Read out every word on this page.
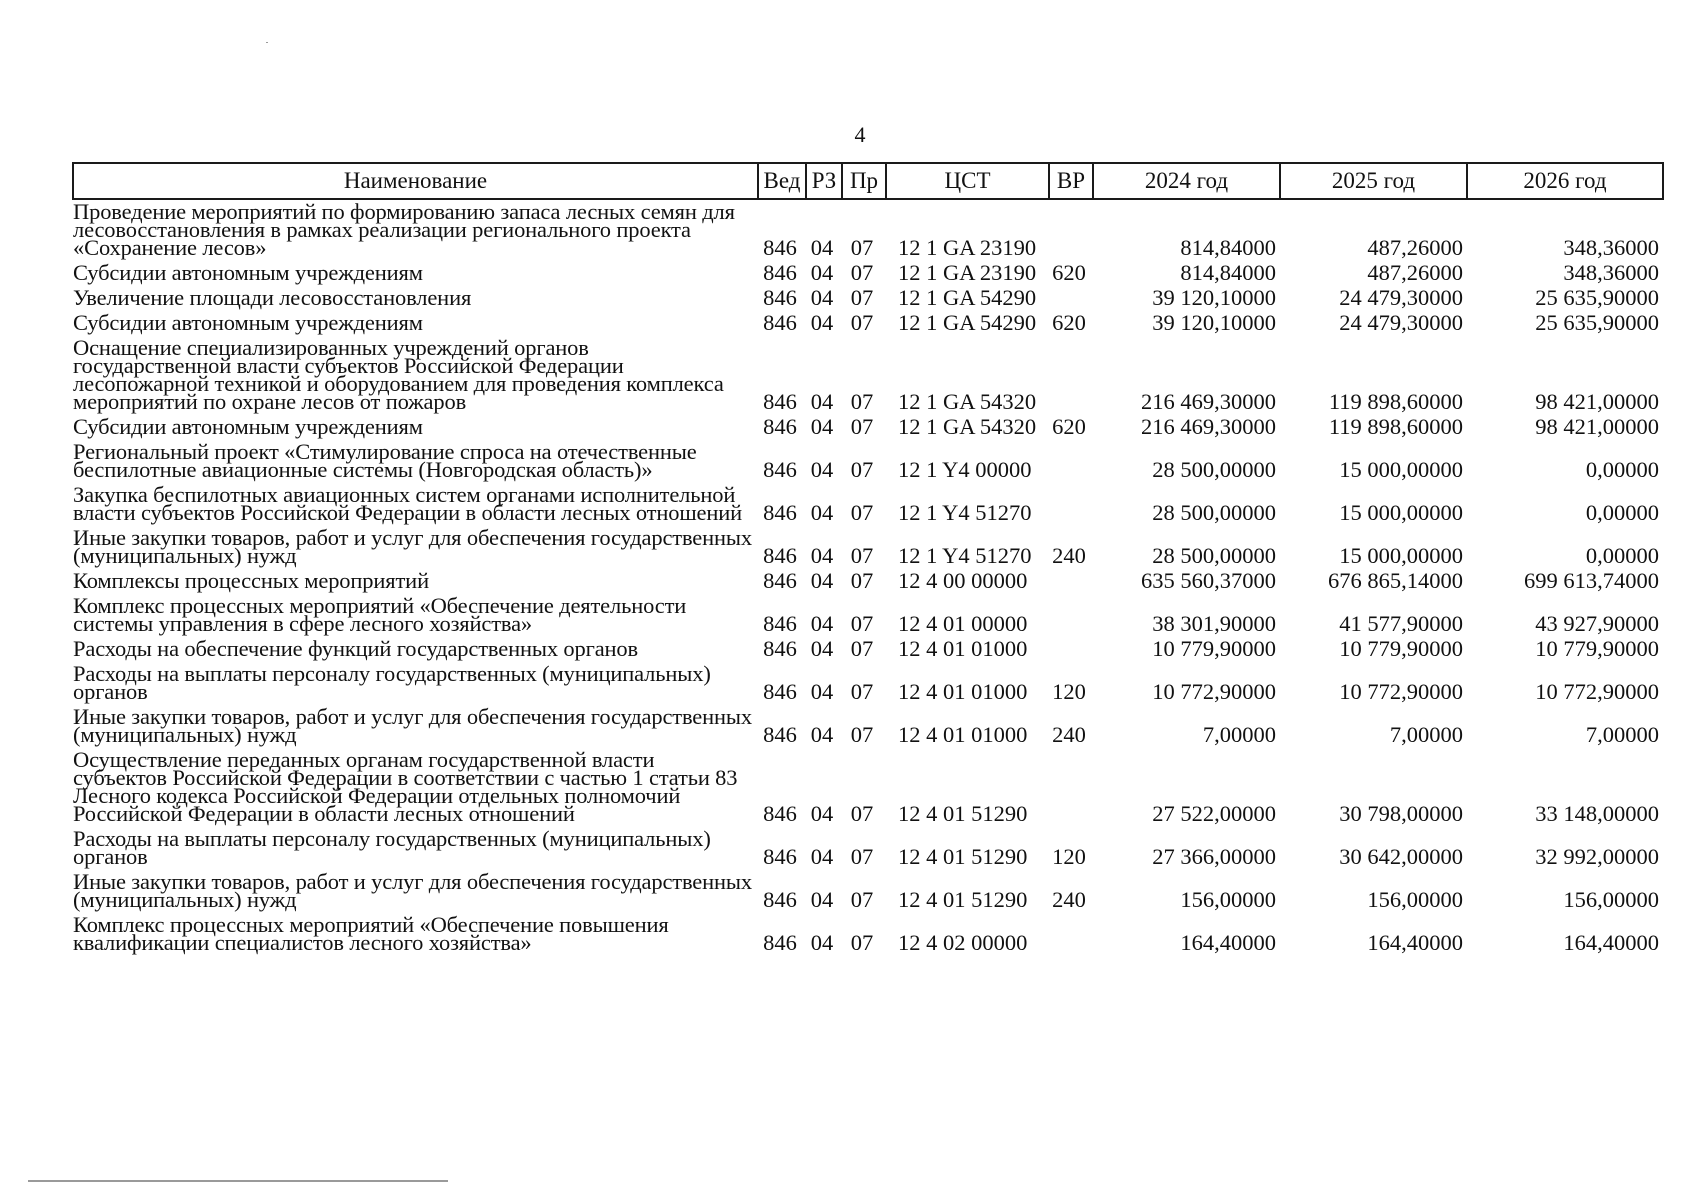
4
Наименование	Вед	РЗ	Пр	ЦСТ	ВР	2024 год	2025 год	2026 год
Проведение мероприятий по формированию запаса лесных семян для лесовосстановления в рамках реализации регионального проекта «Сохранение лесов»	846	04	07	12 1 GA 23190		814,84000	487,26000	348,36000
Субсидии автономным учреждениям	846	04	07	12 1 GA 23190	620	814,84000	487,26000	348,36000
Увеличение площади лесовосстановления	846	04	07	12 1 GA 54290		39 120,10000	24 479,30000	25 635,90000
Субсидии автономным учреждениям	846	04	07	12 1 GA 54290	620	39 120,10000	24 479,30000	25 635,90000
Оснащение специализированных учреждений органов государственной власти субъектов Российской Федерации лесопожарной техникой и оборудованием для проведения комплекса мероприятий по охране лесов от пожаров	846	04	07	12 1 GA 54320		216 469,30000	119 898,60000	98 421,00000
Субсидии автономным учреждениям	846	04	07	12 1 GA 54320	620	216 469,30000	119 898,60000	98 421,00000
Региональный проект «Стимулирование спроса на отечественные беспилотные авиационные системы (Новгородская область)»	846	04	07	12 1 Y4 00000		28 500,00000	15 000,00000	0,00000
Закупка беспилотных авиационных систем органами исполнительной власти субъектов Российской Федерации в области лесных отношений	846	04	07	12 1 Y4 51270		28 500,00000	15 000,00000	0,00000
Иные закупки товаров, работ и услуг для обеспечения государственных (муниципальных) нужд	846	04	07	12 1 Y4 51270	240	28 500,00000	15 000,00000	0,00000
Комплексы процессных мероприятий	846	04	07	12 4 00 00000		635 560,37000	676 865,14000	699 613,74000
Комплекс процессных мероприятий «Обеспечение деятельности системы управления в сфере лесного хозяйства»	846	04	07	12 4 01 00000		38 301,90000	41 577,90000	43 927,90000
Расходы на обеспечение функций государственных органов	846	04	07	12 4 01 01000		10 779,90000	10 779,90000	10 779,90000
Расходы на выплаты персоналу государственных (муниципальных) органов	846	04	07	12 4 01 01000	120	10 772,90000	10 772,90000	10 772,90000
Иные закупки товаров, работ и услуг для обеспечения государственных (муниципальных) нужд	846	04	07	12 4 01 01000	240	7,00000	7,00000	7,00000
Осуществление переданных органам государственной власти субъектов Российской Федерации в соответствии с частью 1 статьи 83 Лесного кодекса Российской Федерации отдельных полномочий Российской Федерации в области лесных отношений	846	04	07	12 4 01 51290		27 522,00000	30 798,00000	33 148,00000
Расходы на выплаты персоналу государственных (муниципальных) органов	846	04	07	12 4 01 51290	120	27 366,00000	30 642,00000	32 992,00000
Иные закупки товаров, работ и услуг для обеспечения государственных (муниципальных) нужд	846	04	07	12 4 01 51290	240	156,00000	156,00000	156,00000
Комплекс процессных мероприятий «Обеспечение повышения квалификации специалистов лесного хозяйства»	846	04	07	12 4 02 00000		164,40000	164,40000	164,40000
